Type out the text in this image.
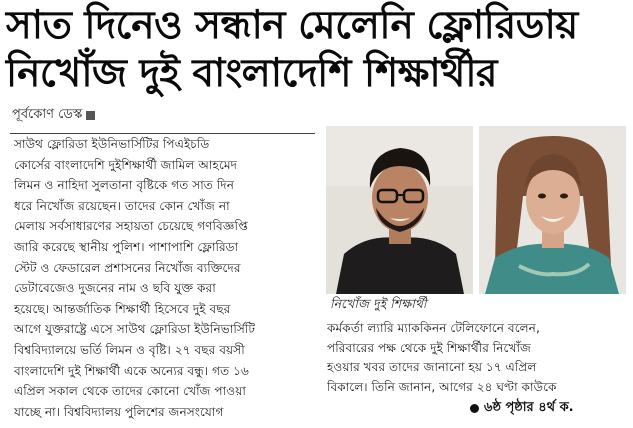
সাত দিনেও সন্ধান মেলেনি ফ্লোরিডায়
নিখোঁজ দুই বাংলাদেশি শিক্ষার্থীর
পূর্বকোণ ডেস্ক
সাউথ ফ্লোরিডা ইউনিভার্সিটির পিএইচডি
কোর্সের বাংলাদেশি দুইশিক্ষার্থী জামিল আহমেদ
লিমন ও নাহিদা সুলতানা বৃষ্টিকে গত সাত দিন
ধরে নিখোঁজ রয়েছেন। তাদের কোন খোঁজ না
মেলায় সর্বসাধারণের সহায়তা চেয়েছে গণবিজ্ঞপ্তি
জারি করেছে স্থানীয় পুলিশ। পাশাপাশি ফ্লোরিডা
স্টেট ও ফেডারেল প্রশাসনের নিখোঁজ ব্যক্তিদের
ডেটাবেজেও দুজনের নাম ও ছবি যুক্ত করা
হয়েছে। আন্তর্জাতিক শিক্ষার্থী হিসেবে দুই বছর
আগে যুক্তরাষ্ট্রে এসে সাউথ ফ্লোরিডা ইউনিভার্সিটি
বিশ্ববিদ্যালয়ে ভর্তি লিমন ও বৃষ্টি। ২৭ বছর বয়সী
বাংলাদেশি দুই শিক্ষার্থী একে অন্যের বন্ধু। গত ১৬
এপ্রিল সকাল থেকে তাদের কোনো খোঁজ পাওয়া
যাচ্ছে না। বিশ্ববিদ্যালয় পুলিশের জনসংযোগ
নিখোঁজ দুই শিক্ষার্থী
কর্মকর্তা ল্যারি ম্যাককিনন টেলিফোনে বলেন,
পরিবারের পক্ষ থেকে দুই শিক্ষার্থীর নিখোঁজ
হওয়ার খবর তাদের জানানো হয় ১৭ এপ্রিল
বিকালে। তিনি জানান, আগের ২৪ ঘণ্টা কাউকে
৬ষ্ঠ পৃষ্ঠার ৪র্থ ক.
